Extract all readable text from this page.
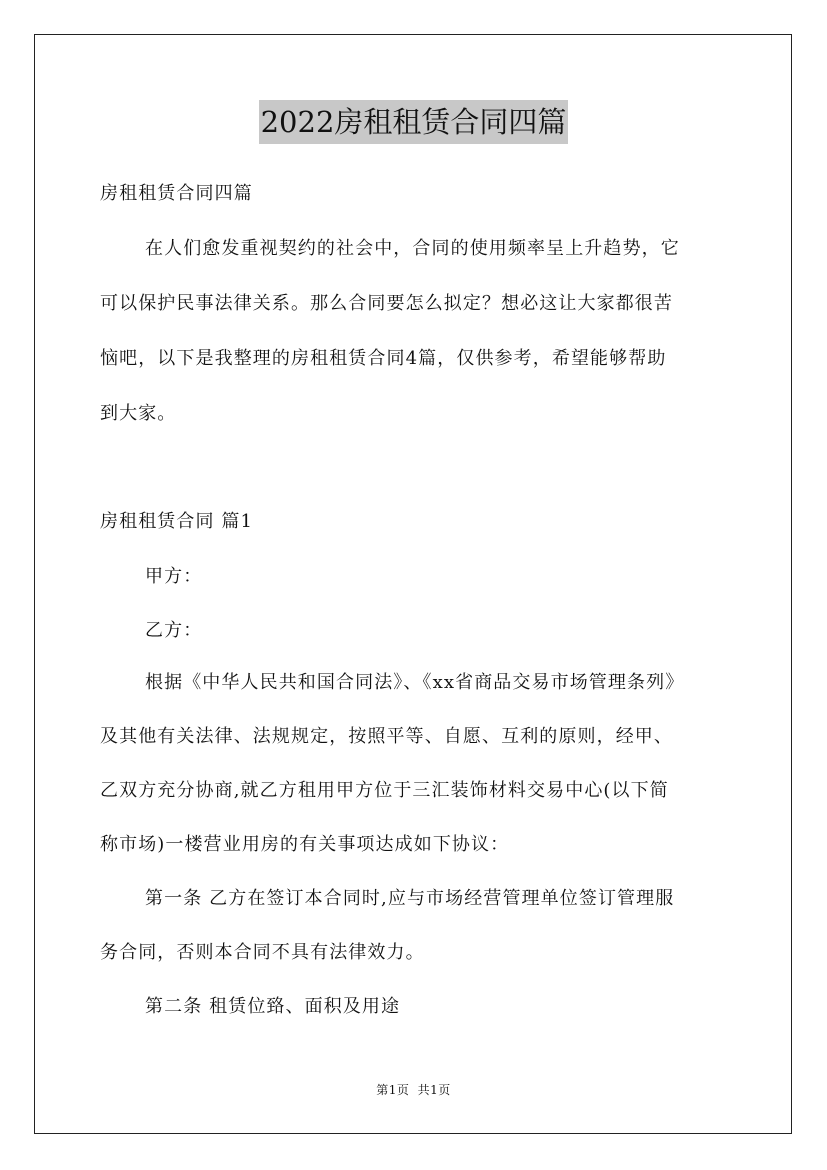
2022房租租赁合同四篇
房租租赁合同四篇
在人们愈发重视契约的社会中，合同的使用频率呈上升趋势，它
可以保护民事法律关系。那么合同要怎么拟定？想必这让大家都很苦
恼吧，以下是我整理的房租租赁合同4篇，仅供参考，希望能够帮助
到大家。
房租租赁合同 篇1
甲方：
乙方：
根据《中华人民共和国合同法》、《xx省商品交易市场管理条列》
及其他有关法律、法规规定，按照平等、自愿、互利的原则，经甲、
乙双方充分协商,就乙方租用甲方位于三汇装饰材料交易中心(以下简
称市场)一楼营业用房的有关事项达成如下协议：
第一条 乙方在签订本合同时,应与市场经营管理单位签订管理服
务合同，否则本合同不具有法律效力。
第二条 租赁位臵、面积及用途
第1页 共1页
